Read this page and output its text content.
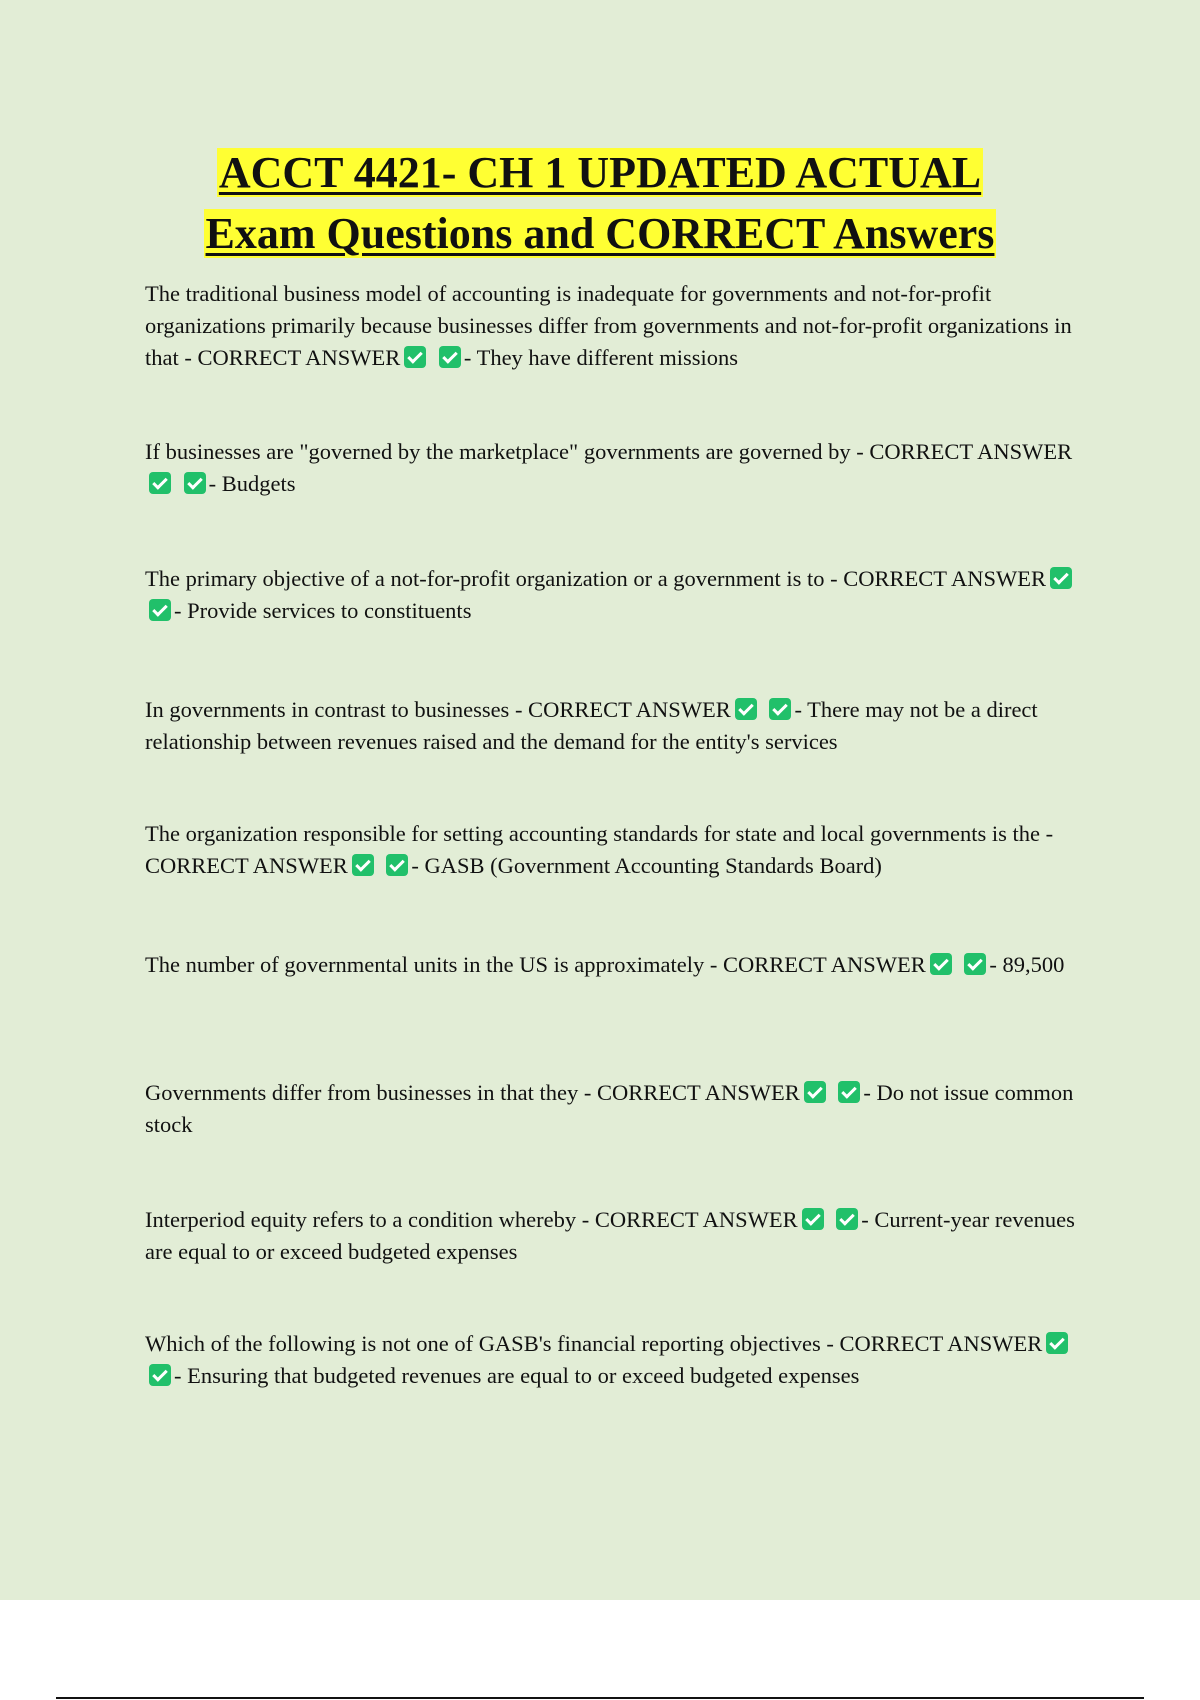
ACCT 4421- CH 1 UPDATED ACTUAL
Exam Questions and CORRECT Answers

The traditional business model of accounting is inadequate for governments and not-for-profit organizations primarily because businesses differ from governments and not-for-profit organizations in that - CORRECT ANSWER	- They have different missions

If businesses are "governed by the marketplace" governments are governed by - CORRECT ANSWER - Budgets

The primary objective of a not-for-profit organization or a government is to - CORRECT ANSWER - Provide services to constituents

In governments in contrast to businesses - CORRECT ANSWER	- There may not be a direct relationship between revenues raised and the demand for the entity's services

The organization responsible for setting accounting standards for state and local governments is the - CORRECT ANSWER	- GASB (Government Accounting Standards Board)

The number of governmental units in the US is approximately - CORRECT ANSWER	- 89,500

Governments differ from businesses in that they - CORRECT ANSWER	- Do not issue common stock

Interperiod equity refers to a condition whereby - CORRECT ANSWER	- Current-year revenues are equal to or exceed budgeted expenses

Which of the following is not one of GASB's financial reporting objectives - CORRECT ANSWER - Ensuring that budgeted revenues are equal to or exceed budgeted expenses
